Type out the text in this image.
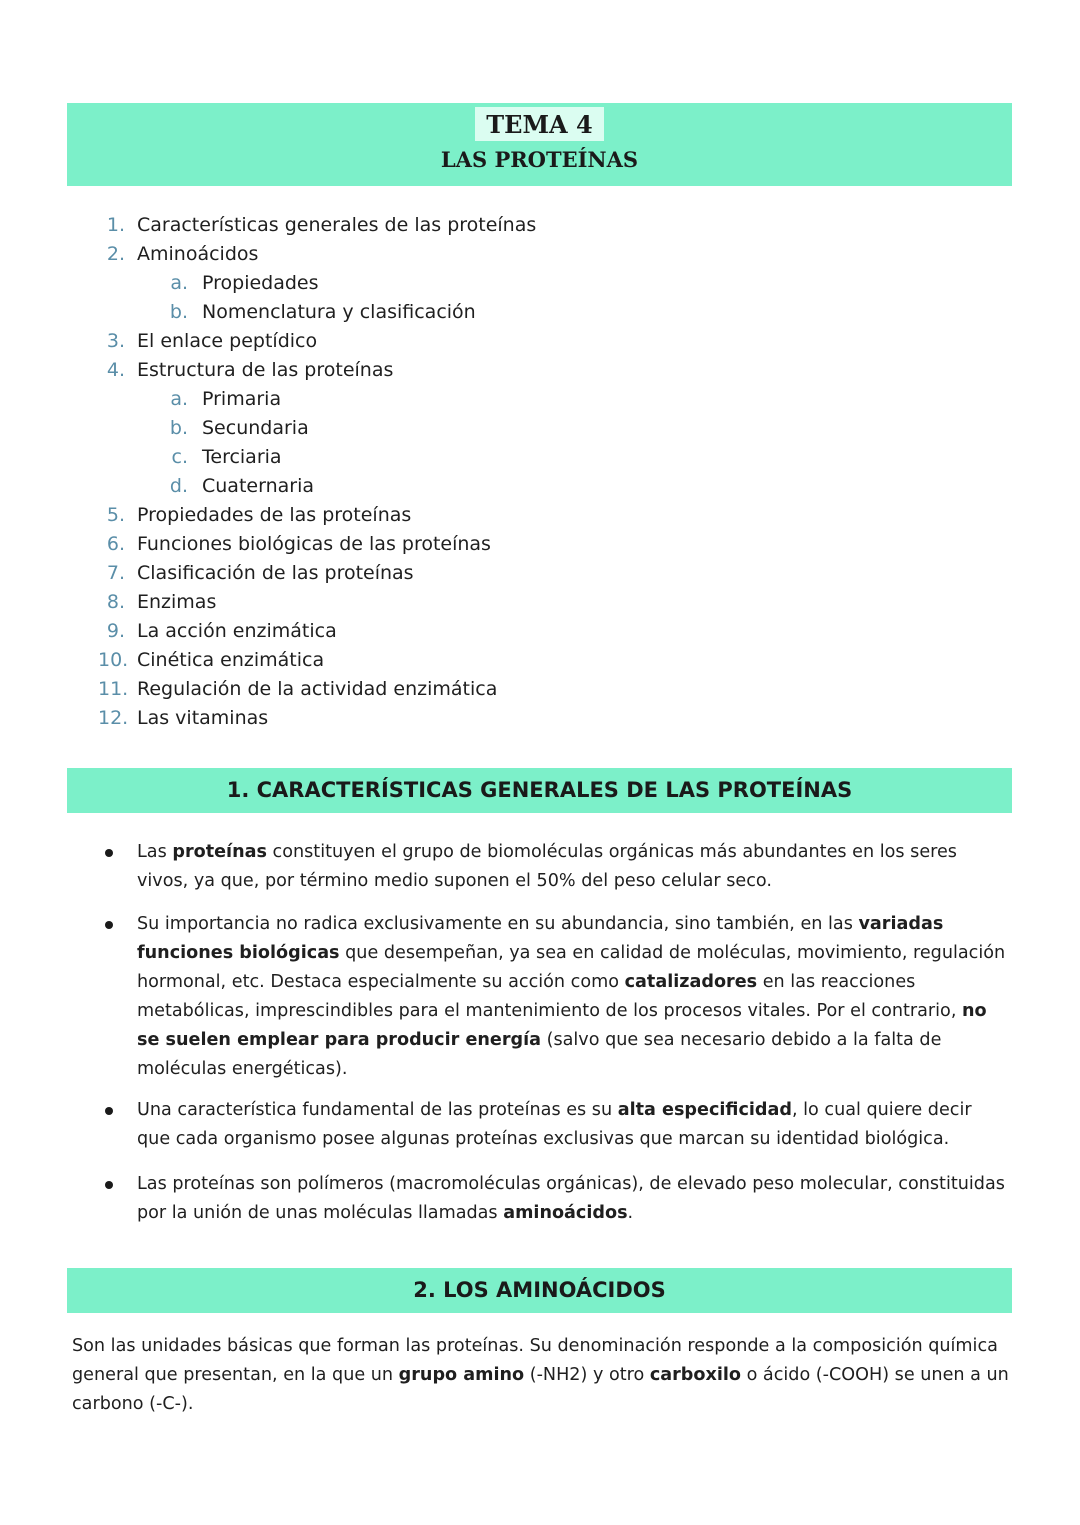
TEMA 4
LAS PROTEÍNAS
1. Características generales de las proteínas
2. Aminoácidos
a. Propiedades
b. Nomenclatura y clasificación
3. El enlace peptídico
4. Estructura de las proteínas
a. Primaria
b. Secundaria
c. Terciaria
d. Cuaternaria
5. Propiedades de las proteínas
6. Funciones biológicas de las proteínas
7. Clasificación de las proteínas
8. Enzimas
9. La acción enzimática
10. Cinética enzimática
11. Regulación de la actividad enzimática
12. Las vitaminas
1. CARACTERÍSTICAS GENERALES DE LAS PROTEÍNAS
Las proteínas constituyen el grupo de biomoléculas orgánicas más abundantes en los seres vivos, ya que, por término medio suponen el 50% del peso celular seco.
Su importancia no radica exclusivamente en su abundancia, sino también, en las variadas funciones biológicas que desempeñan, ya sea en calidad de moléculas, movimiento, regulación hormonal, etc. Destaca especialmente su acción como catalizadores en las reacciones metabólicas, imprescindibles para el mantenimiento de los procesos vitales. Por el contrario, no se suelen emplear para producir energía (salvo que sea necesario debido a la falta de moléculas energéticas).
Una característica fundamental de las proteínas es su alta especificidad, lo cual quiere decir que cada organismo posee algunas proteínas exclusivas que marcan su identidad biológica.
Las proteínas son polímeros (macromoléculas orgánicas), de elevado peso molecular, constituidas por la unión de unas moléculas llamadas aminoácidos.
2. LOS AMINOÁCIDOS
Son las unidades básicas que forman las proteínas. Su denominación responde a la composición química general que presentan, en la que un grupo amino (-NH2) y otro carboxilo o ácido (-COOH) se unen a un carbono (-C-).
